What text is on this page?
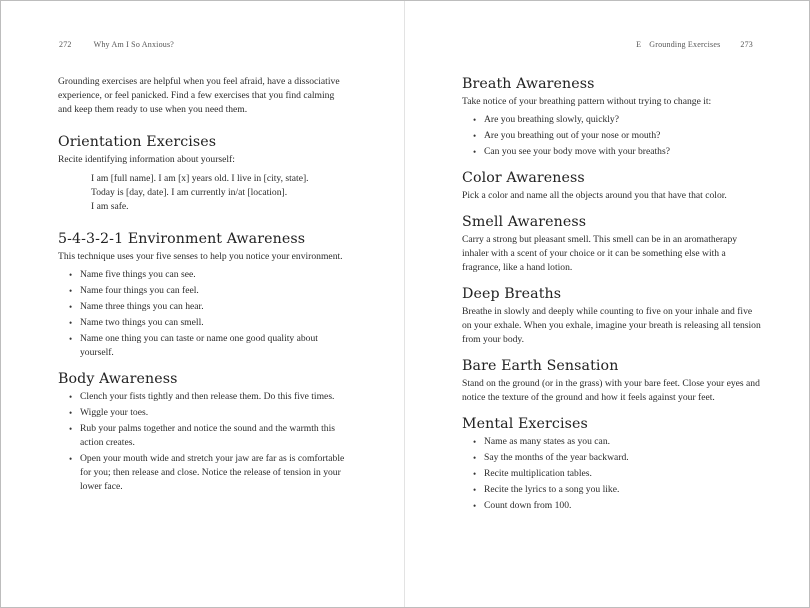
272	Why Am I So Anxious?

Grounding exercises are helpful when you feel afraid, have a dissociative experience, or feel panicked. Find a few exercises that you find calming and keep them ready to use when you need them.

Orientation Exercises

Recite identifying information about yourself:

I am [full name]. I am [x] years old. I live in [city, state].

Today is [day, date]. I am currently in/at [location].

I am safe.

5-4-3-2-1 Environment Awareness

This technique uses your five senses to help you notice your environment.

• Name five things you can see.
• Name four things you can feel.
• Name three things you can hear.
• Name two things you can smell.
• Name one thing you can taste or name one good quality about yourself.
Body Awareness
• Clench your fists tightly and then release them. Do this five times.
• Wiggle your toes.
• Rub your palms together and notice the sound and the warmth this action creates.
• Open your mouth wide and stretch your jaw are far as is comfortable for you; then release and close. Notice the release of tension in your lower face.
E Grounding Exercises	273
Breath Awareness

Take notice of your breathing pattern without trying to change it:

• Are you breathing slowly, quickly?
• Are you breathing out of your nose or mouth?
• Can you see your body move with your breaths?
Color Awareness

Pick a color and name all the objects around you that have that color.

Smell Awareness

Carry a strong but pleasant smell. This smell can be in an aromatherapy inhaler with a scent of your choice or it can be something else with a fragrance, like a hand lotion.

Deep Breaths

Breathe in slowly and deeply while counting to five on your inhale and five on your exhale. When you exhale, imagine your breath is releasing all tension from your body.

Bare Earth Sensation

Stand on the ground (or in the grass) with your bare feet. Close your eyes and notice the texture of the ground and how it feels against your feet.

Mental Exercises
• Name as many states as you can.
• Say the months of the year backward.
• Recite multiplication tables.
• Recite the lyrics to a song you like.
• Count down from 100.
